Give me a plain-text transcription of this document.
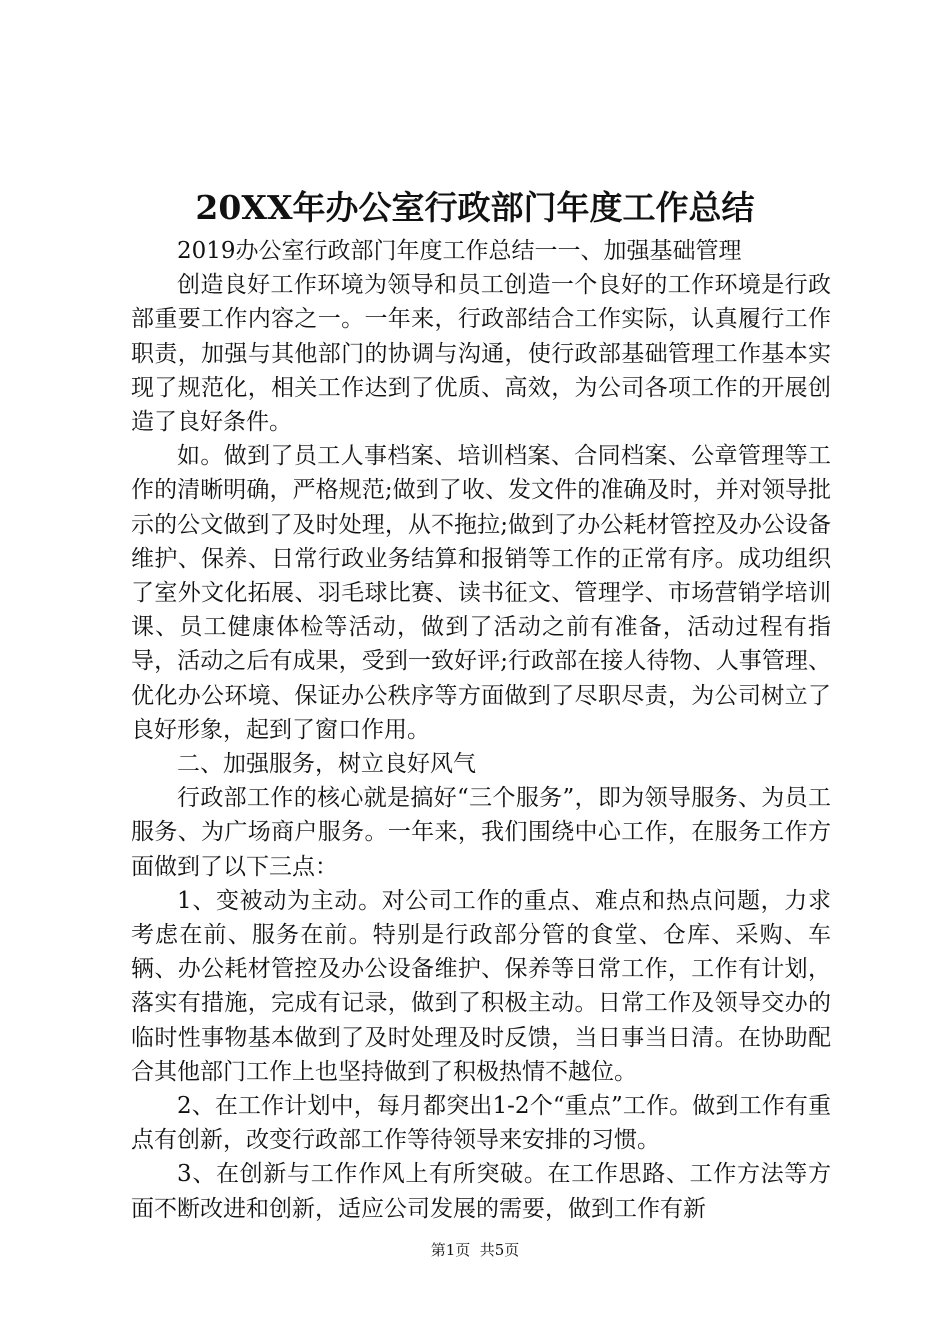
20XX年办公室行政部门年度工作总结

2019办公室行政部门年度工作总结一一、加强基础管理

创造良好工作环境为领导和员工创造一个良好的工作环境是行政部重要工作内容之一。一年来，行政部结合工作实际，认真履行工作职责，加强与其他部门的协调与沟通，使行政部基础管理工作基本实现了规范化，相关工作达到了优质、高效，为公司各项工作的开展创造了良好条件。

如。做到了员工人事档案、培训档案、合同档案、公章管理等工作的清晰明确，严格规范;做到了收、发文件的准确及时，并对领导批示的公文做到了及时处理，从不拖拉;做到了办公耗材管控及办公设备维护、保养、日常行政业务结算和报销等工作的正常有序。成功组织了室外文化拓展、羽毛球比赛、读书征文、管理学、市场营销学培训课、员工健康体检等活动，做到了活动之前有准备，活动过程有指导，活动之后有成果，受到一致好评;行政部在接人待物、人事管理、优化办公环境、保证办公秩序等方面做到了尽职尽责，为公司树立了良好形象，起到了窗口作用。

二、加强服务，树立良好风气

行政部工作的核心就是搞好“三个服务”，即为领导服务、为员工服务、为广场商户服务。一年来，我们围绕中心工作，在服务工作方面做到了以下三点：

1、变被动为主动。对公司工作的重点、难点和热点问题，力求考虑在前、服务在前。特别是行政部分管的食堂、仓库、采购、车辆、办公耗材管控及办公设备维护、保养等日常工作，工作有计划，落实有措施，完成有记录，做到了积极主动。日常工作及领导交办的临时性事物基本做到了及时处理及时反馈，当日事当日清。在协助配合其他部门工作上也坚持做到了积极热情不越位。

2、在工作计划中，每月都突出1-2个“重点”工作。做到工作有重点有创新，改变行政部工作等待领导来安排的习惯。

3、在创新与工作作风上有所突破。在工作思路、工作方法等方面不断改进和创新，适应公司发展的需要，做到工作有新

第1页  共5页
